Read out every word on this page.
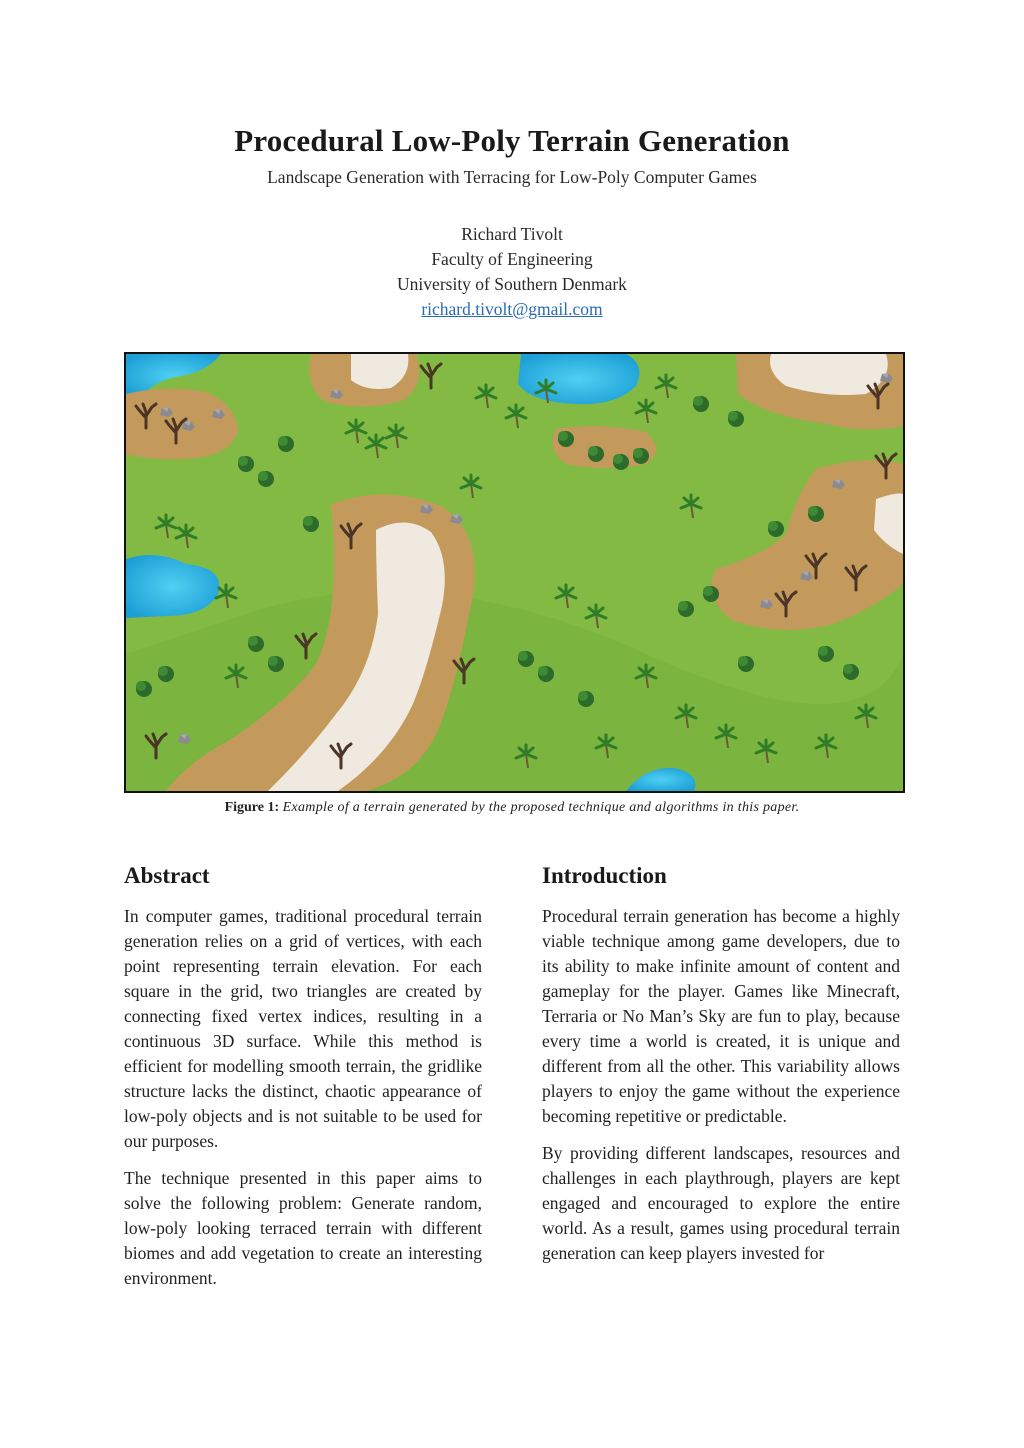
Procedural Low-Poly Terrain Generation
Landscape Generation with Terracing for Low-Poly Computer Games
Richard Tivolt
Faculty of Engineering
University of Southern Denmark
richard.tivolt@gmail.com
Figure 1: Example of a terrain generated by the proposed technique and algorithms in this paper.
Abstract

In computer games, traditional procedural terrain generation relies on a grid of vertices, with each point representing terrain elevation. For each square in the grid, two triangles are created by connecting fixed vertex indices, resulting in a continuous 3D surface. While this method is efficient for modelling smooth terrain, the gridlike structure lacks the distinct, chaotic appearance of low-poly objects and is not suitable to be used for our purposes.

The technique presented in this paper aims to solve the following problem: Generate random, low-poly looking terraced terrain with different biomes and add vegetation to create an interesting environment.

Introduction

Procedural terrain generation has become a highly viable technique among game developers, due to its ability to make infinite amount of content and gameplay for the player. Games like Minecraft, Terraria or No Man’s Sky are fun to play, because every time a world is created, it is unique and different from all the other. This variability allows players to enjoy the game without the experience becoming repetitive or predictable.

By providing different landscapes, resources and challenges in each playthrough, players are kept engaged and encouraged to explore the entire world. As a result, games using procedural terrain generation can keep players invested for
